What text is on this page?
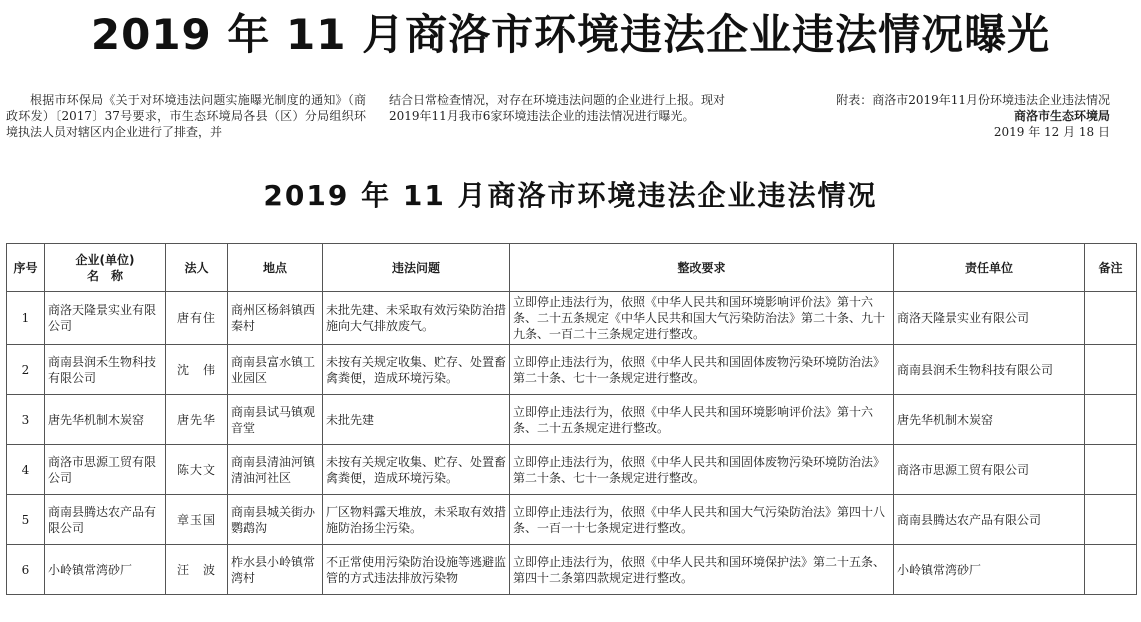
2019 年 11 月商洛市环境违法企业违法情况曝光

根据市环保局《关于对环境违法问题实施曝光制度的通知》（商政环发）〔2017〕37号要求，市生态环境局各县（区）分局组织环境执法人员对辖区内企业进行了排查，并

结合日常检查情况，对存在环境违法问题的企业进行上报。现对2019年11月我市6家环境违法企业的违法情况进行曝光。

附表：商洛市2019年11月份环境违法企业违法情况
商洛市生态环境局
2019 年 12 月 18 日
2019 年 11 月商洛市环境违法企业违法情况
序号	企业(单位)
名　称	法人	地点	违法问题	整改要求	责任单位	备注
1	商洛天隆景实业有限公司	唐有住	商州区杨斜镇西秦村	未批先建、未采取有效污染防治措施向大气排放废气。	立即停止违法行为，依照《中华人民共和国环境影响评价法》第十六条、二十五条规定《中华人民共和国大气污染防治法》第二十条、九十九条、一百二十三条规定进行整改。	商洛天隆景实业有限公司	
2	商南县润禾生物科技有限公司	沈　伟	商南县富水镇工业园区	未按有关规定收集、贮存、处置畜禽粪便，造成环境污染。	立即停止违法行为，依照《中华人民共和国固体废物污染环境防治法》第二十条、七十一条规定进行整改。	商南县润禾生物科技有限公司	
3	唐先华机制木炭窑	唐先华	商南县试马镇观音堂	未批先建	立即停止违法行为，依照《中华人民共和国环境影响评价法》第十六条、二十五条规定进行整改。	唐先华机制木炭窑	
4	商洛市思源工贸有限公司	陈大文	商南县清油河镇清油河社区	未按有关规定收集、贮存、处置畜禽粪便，造成环境污染。	立即停止违法行为，依照《中华人民共和国固体废物污染环境防治法》第二十条、七十一条规定进行整改。	商洛市思源工贸有限公司	
5	商南县腾达农产品有限公司	章玉国	商南县城关街办鹦鹉沟	厂区物料露天堆放，未采取有效措施防治扬尘污染。	立即停止违法行为，依照《中华人民共和国大气污染防治法》第四十八条、一百一十七条规定进行整改。	商南县腾达农产品有限公司	
6	小岭镇常湾砂厂	汪　波	柞水县小岭镇常湾村	不正常使用污染防治设施等逃避监管的方式违法排放污染物	立即停止违法行为，依照《中华人民共和国环境保护法》第二十五条、第四十二条第四款规定进行整改。	小岭镇常湾砂厂	
